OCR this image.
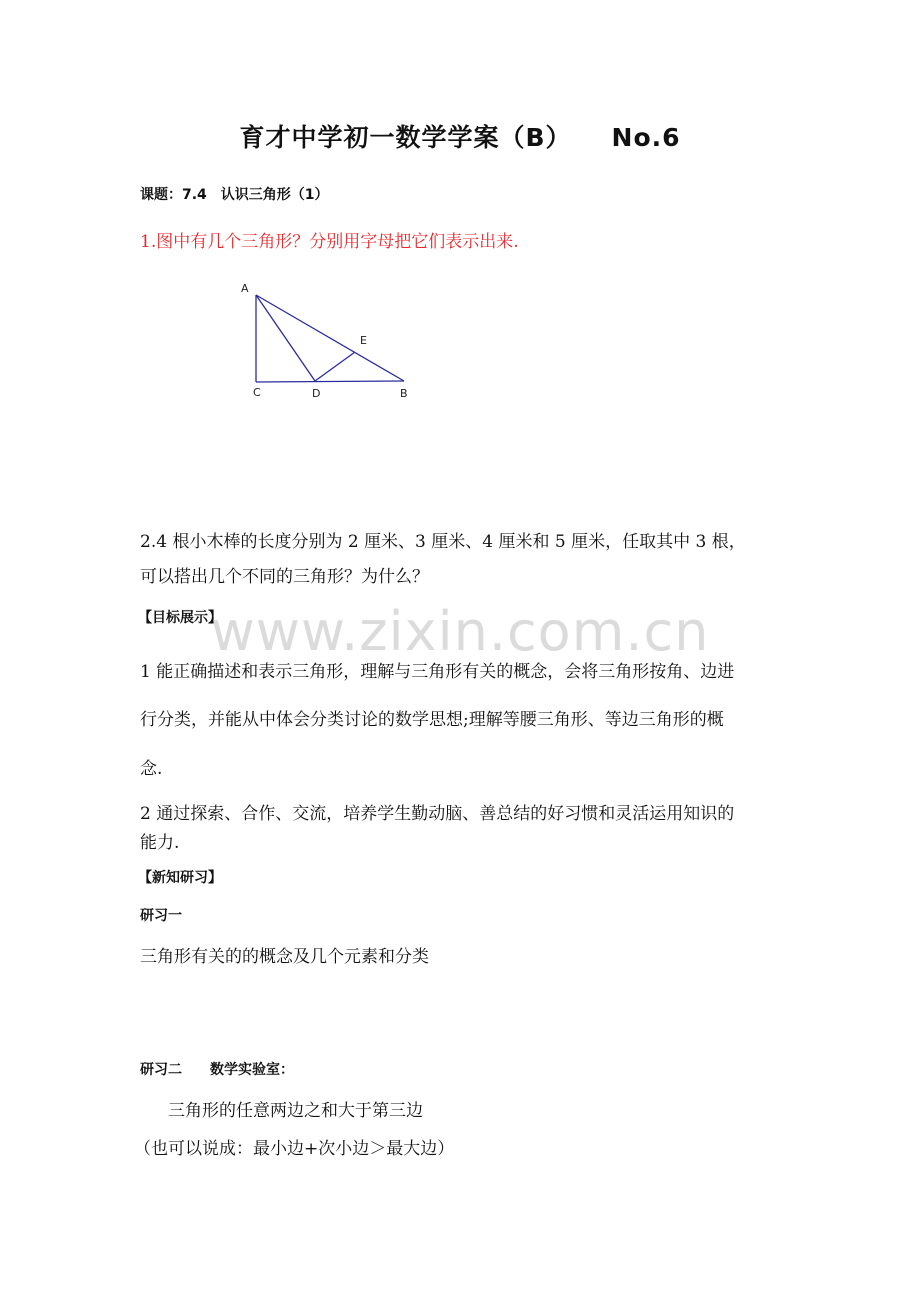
育才中学初一数学学案（B） No.6
课题：7.4　认识三角形（1）
1.图中有几个三角形？分别用字母把它们表示出来.
A
E
C	D	B
2.4 根小木棒的长度分别为 2 厘米、3 厘米、4 厘米和 5 厘米，任取其中 3 根，
可以搭出几个不同的三角形？为什么？
【目标展示】
1 能正确描述和表示三角形，理解与三角形有关的概念，会将三角形按角、边进
行分类，并能从中体会分类讨论的数学思想;理解等腰三角形、等边三角形的概
念.
2 通过探索、合作、交流，培养学生勤动脑、善总结的好习惯和灵活运用知识的
能力.
【新知研习】
研习一
三角形有关的的概念及几个元素和分类
研习二　　数学实验室：
三角形的任意两边之和大于第三边
（也可以说成：最小边+次小边＞最大边）
www.zixin.com.cn
